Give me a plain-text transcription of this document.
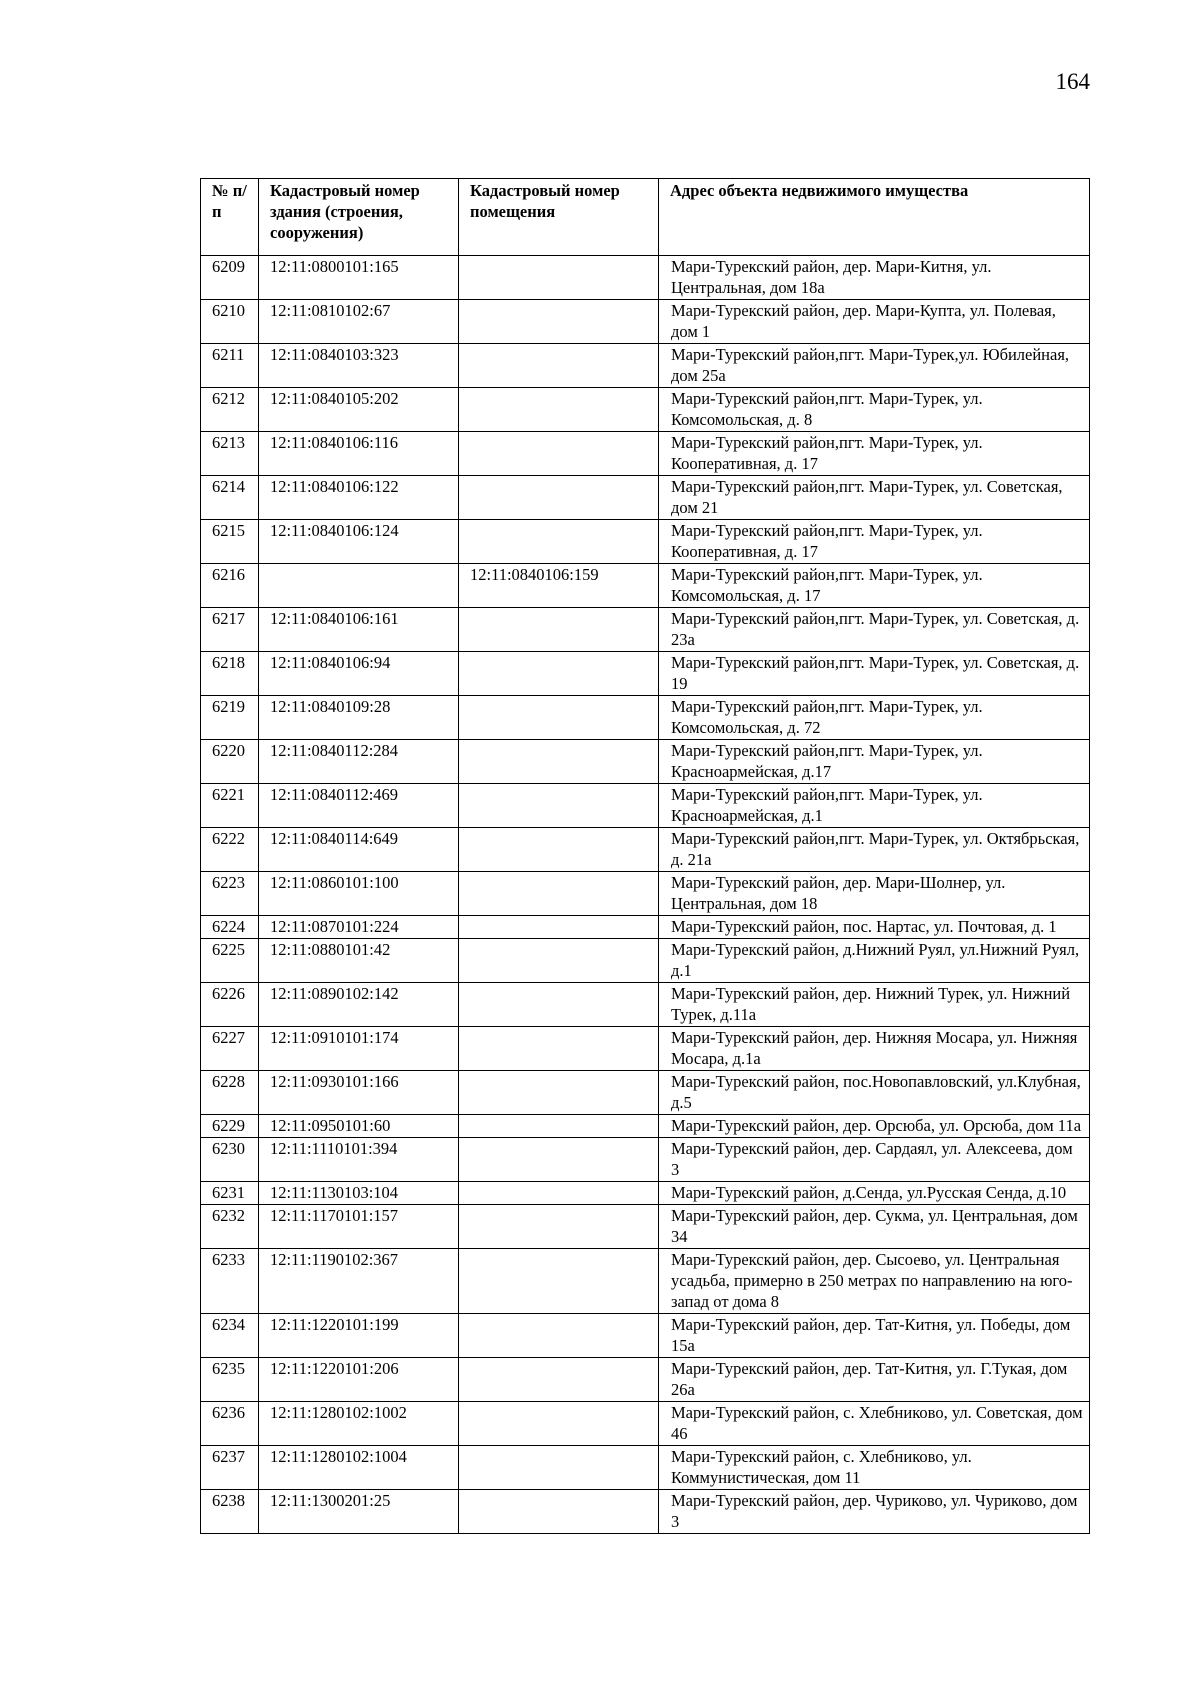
164
№ п/п	Кадастровый номер здания (строения, сооружения)	Кадастровый номер помещения	Адрес объекта недвижимого имущества
6209	12:11:0800101:165		Мари-Турекский район, дер. Мари-Китня, ул. Центральная, дом 18а
6210	12:11:0810102:67		Мари-Турекский район, дер. Мари-Купта, ул. Полевая, дом 1
6211	12:11:0840103:323		Мари-Турекский район,пгт. Мари-Турек,ул. Юбилейная, дом 25а
6212	12:11:0840105:202		Мари-Турекский район,пгт. Мари-Турек, ул. Комсомольская, д. 8
6213	12:11:0840106:116		Мари-Турекский район,пгт. Мари-Турек, ул. Кооперативная, д. 17
6214	12:11:0840106:122		Мари-Турекский район,пгт. Мари-Турек, ул. Советская, дом 21
6215	12:11:0840106:124		Мари-Турекский район,пгт. Мари-Турек, ул. Кооперативная, д. 17
6216		12:11:0840106:159	Мари-Турекский район,пгт. Мари-Турек, ул. Комсомольская, д. 17
6217	12:11:0840106:161		Мари-Турекский район,пгт. Мари-Турек, ул. Советская, д. 23а
6218	12:11:0840106:94		Мари-Турекский район,пгт. Мари-Турек, ул. Советская, д. 19
6219	12:11:0840109:28		Мари-Турекский район,пгт. Мари-Турек, ул. Комсомольская, д. 72
6220	12:11:0840112:284		Мари-Турекский район,пгт. Мари-Турек, ул. Красноармейская, д.17
6221	12:11:0840112:469		Мари-Турекский район,пгт. Мари-Турек, ул. Красноармейская, д.1
6222	12:11:0840114:649		Мари-Турекский район,пгт. Мари-Турек, ул. Октябрьская, д. 21а
6223	12:11:0860101:100		Мари-Турекский район, дер. Мари-Шолнер, ул. Центральная, дом 18
6224	12:11:0870101:224		Мари-Турекский район, пос. Нартас, ул. Почтовая, д. 1
6225	12:11:0880101:42		Мари-Турекский район, д.Нижний Руял, ул.Нижний Руял, д.1
6226	12:11:0890102:142		Мари-Турекский район, дер. Нижний Турек, ул. Нижний Турек, д.11а
6227	12:11:0910101:174		Мари-Турекский район, дер. Нижняя Мосара, ул. Нижняя Мосара, д.1а
6228	12:11:0930101:166		Мари-Турекский район, пос.Новопавловский, ул.Клубная, д.5
6229	12:11:0950101:60		Мари-Турекский район, дер. Орсюба, ул. Орсюба, дом 11а
6230	12:11:1110101:394		Мари-Турекский район, дер. Сардаял, ул. Алексеева, дом 3
6231	12:11:1130103:104		Мари-Турекский район, д.Сенда, ул.Русская Сенда, д.10
6232	12:11:1170101:157		Мари-Турекский район, дер. Сукма, ул. Центральная, дом 34
6233	12:11:1190102:367		Мари-Турекский район, дер. Сысоево, ул. Центральная усадьба, примерно в 250 метрах по направлению на юго-запад от дома 8
6234	12:11:1220101:199		Мари-Турекский район, дер. Тат-Китня, ул. Победы, дом 15а
6235	12:11:1220101:206		Мари-Турекский район, дер. Тат-Китня, ул. Г.Тукая, дом 26а
6236	12:11:1280102:1002		Мари-Турекский район, с. Хлебниково, ул. Советская, дом 46
6237	12:11:1280102:1004		Мари-Турекский район, с. Хлебниково, ул. Коммунистическая, дом 11
6238	12:11:1300201:25		Мари-Турекский район, дер. Чуриково, ул. Чуриково, дом 3
